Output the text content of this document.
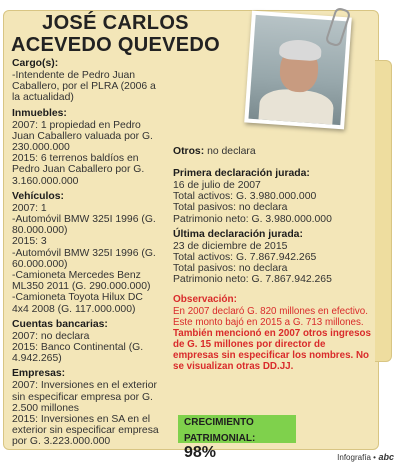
JOSÉ CARLOS
ACEVEDO QUEVEDO
Cargo(s):
-Intendente de Pedro Juan Caballero, por el PLRA (2006 a la actualidad)
Inmuebles:
2007: 1 propiedad en Pedro Juan Caballero valuada por G. 230.000.000
2015: 6 terrenos baldíos en Pedro Juan Caballero por G. 3.160.000.000
Vehículos:
2007: 1
-Automóvil BMW 325I 1996 (G. 80.000.000)
2015: 3
-Automóvil BMW 325I 1996 (G. 60.000.000)
-Camioneta Mercedes Benz ML350 2011 (G. 290.000.000)
-Camioneta Toyota Hilux DC 4x4 2008 (G. 117.000.000)
Cuentas bancarias:
2007: no declara
2015: Banco Continental (G. 4.942.265)
Empresas:
2007: Inversiones en el exterior sin especificar empresa por G. 2.500 millones
2015: Inversiones en SA en el exterior sin especificar empresa por G. 3.223.000.000
Otros: no declara
Primera declaración jurada:
16 de julio de 2007
Total activos: G. 3.980.000.000
Total pasivos: no declara
Patrimonio neto: G. 3.980.000.000
Última declaración jurada:
23 de diciembre de 2015
Total activos: G. 7.867.942.265
Total pasivos: no declara
Patrimonio neto: G. 7.867.942.265
Observación:
En 2007 declaró G. 820 millones en efectivo. Este monto bajó en 2015 a G. 713 millones.
También mencionó en 2007 otros ingresos de G. 15 millones por director de empresas sin especificar los nombres. No se visualizan otras DD.JJ.
CRECIMIENTO
PATRIMONIAL: 98%	Infografía • abc
